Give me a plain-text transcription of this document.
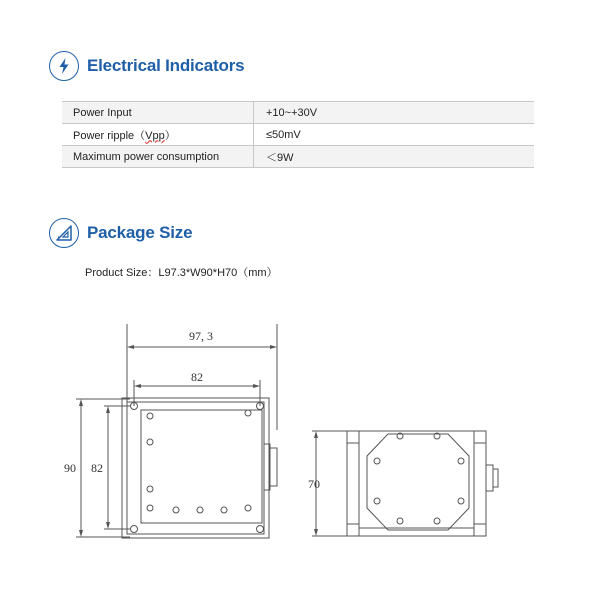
Electrical Indicators
Power Input	+10~+30V
Power ripple（Vpp）	≤50mV
Maximum power consumption	＜9W
Package Size
Product Size：L97.3*W90*H70（mm）
97, 3
82
90 82
70
